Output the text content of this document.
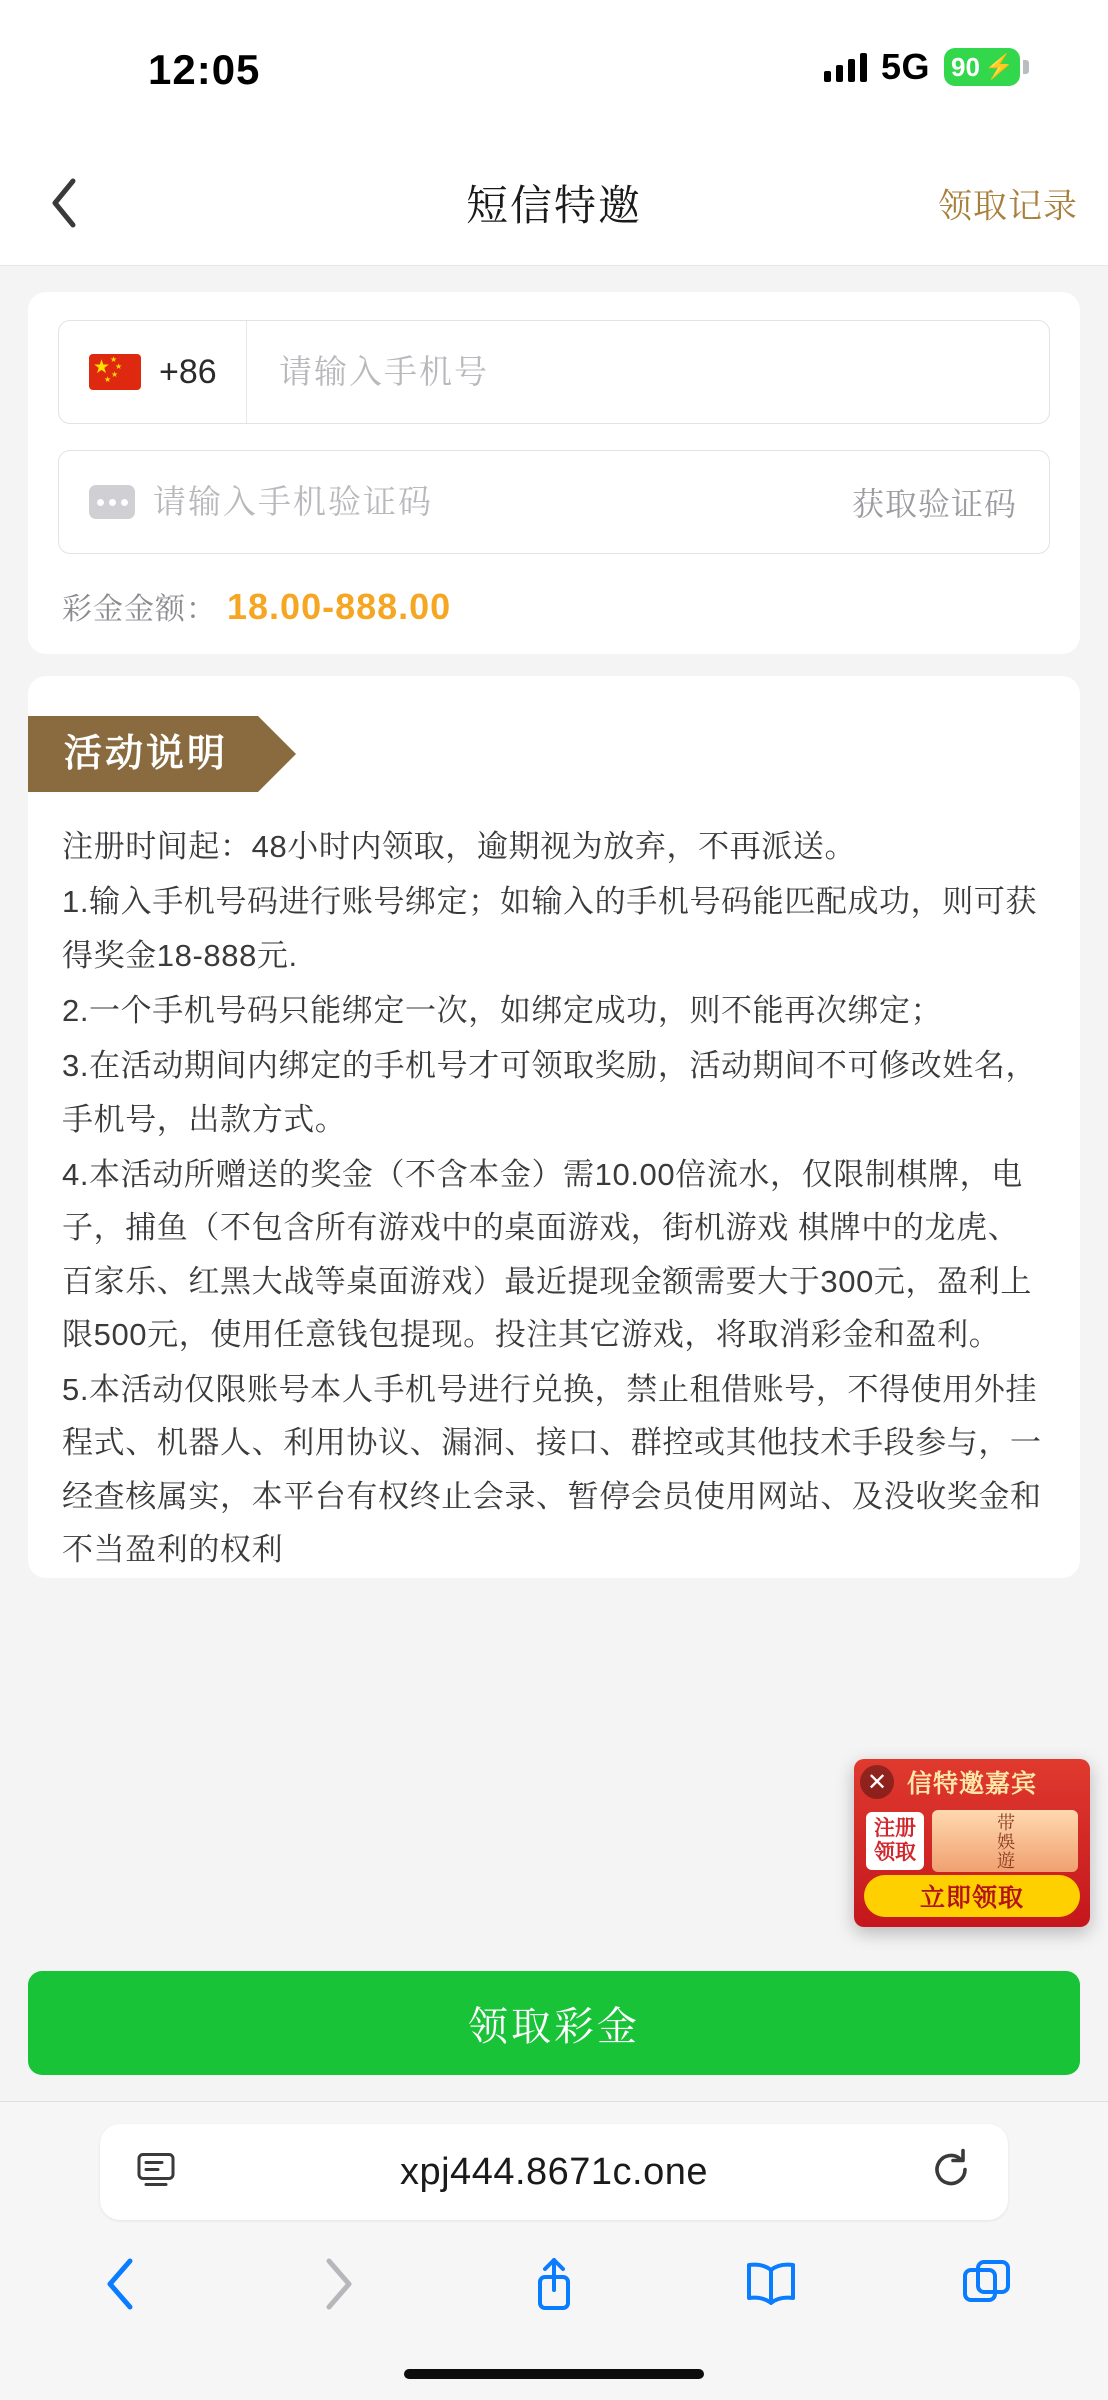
12:05	5G 90 ⚡
短信特邀	领取记录
★ ★
★
★
★ +86
请输入手机号
请输入手机验证码
获取验证码
彩金金额： 18.00-888.00
活动说明

注册时间起：48小时内领取，逾期视为放弃，不再派送。

1.输入手机号码进行账号绑定；如输入的手机号码能匹配成功，则可获得奖金18-888元.

2.一个手机号码只能绑定一次，如绑定成功，则不能再次绑定；

3.在活动期间内绑定的手机号才可领取奖励，活动期间不可修改姓名，手机号，出款方式。

4.本活动所赠送的奖金（不含本金）需10.00倍流水，仅限制棋牌，电子，捕鱼（不包含所有游戏中的桌面游戏，街机游戏 棋牌中的龙虎、百家乐、红黑大战等桌面游戏）最近提现金额需要大于300元，盈利上限500元，使用任意钱包提现。投注其它游戏，将取消彩金和盈利。

5.本活动仅限账号本人手机号进行兑换，禁止租借账号，不得使用外挂程式、机器人、利用协议、漏洞、接口、群控或其他技术手段参与，一经查核属实，本平台有权终止会录、暂停会员使用网站、及没收奖金和不当盈利的权利

✕ 信特邀嘉宾
注册
领取	带娛遊
立即领取
领取彩金
xpj444.8671c.one
